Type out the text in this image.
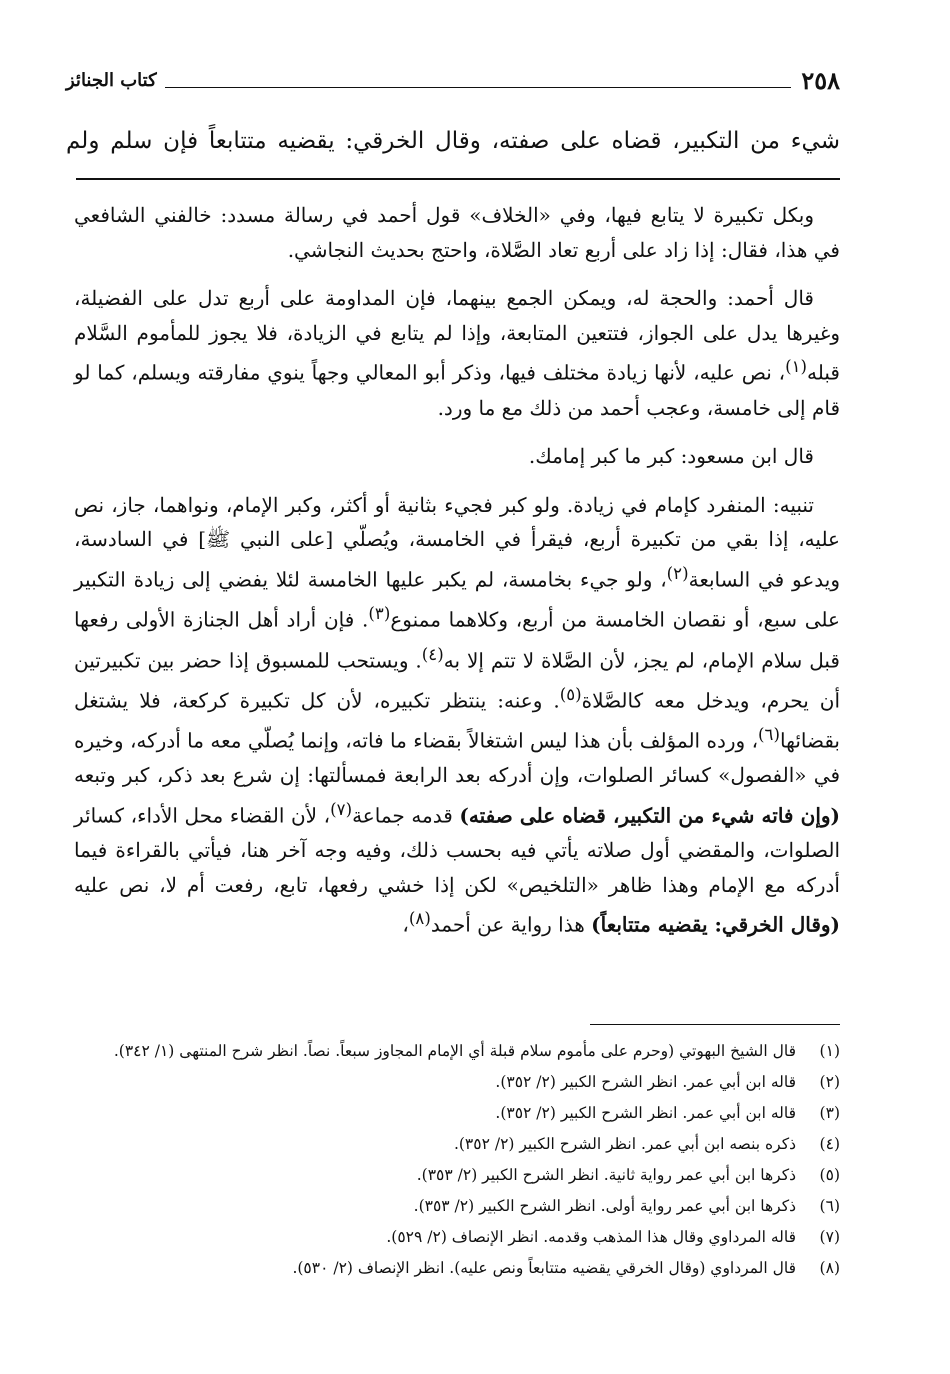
٢٥٨
كتاب الجنائز
شيء من التكبير، قضاه على صفته، وقال الخرقي: يقضيه متتابعاً فإن سلم ولم

وبكل تكبيرة لا يتابع فيها، وفي «الخلاف» قول أحمد في رسالة مسدد: خالفني الشافعي في هذا، فقال: إذا زاد على أربع تعاد الصَّلاة، واحتج بحديث النجاشي.

قال أحمد: والحجة له، ويمكن الجمع بينهما، فإن المداومة على أربع تدل على الفضيلة، وغيرها يدل على الجواز، فتتعين المتابعة، وإذا لم يتابع في الزيادة، فلا يجوز للمأموم السَّلام قبله$^{(١)}$، نص عليه، لأنها زيادة مختلف فيها، وذكر أبو المعالي وجهاً ينوي مفارقته ويسلم، كما لو قام إلى خامسة، وعجب أحمد من ذلك مع ما ورد.

قال ابن مسعود: كبر ما كبر إمامك.

تنبيه: المنفرد كإمام في زيادة. ولو كبر فجيء بثانية أو أكثر، وكبر الإمام، ونواهما، جاز، نص عليه، إذا بقي من تكبيرة أربع، فيقرأ في الخامسة، ويُصلّي [على النبي ﷺ] في السادسة، ويدعو في السابعة$^{(٢)}$، ولو جيء بخامسة، لم يكبر عليها الخامسة لئلا يفضي إلى زيادة التكبير على سبع، أو نقصان الخامسة من أربع، وكلاهما ممنوع$^{(٣)}$. فإن أراد أهل الجنازة الأولى رفعها قبل سلام الإمام، لم يجز، لأن الصَّلاة لا تتم إلا به$^{(٤)}$. ويستحب للمسبوق إذا حضر بين تكبيرتين أن يحرم، ويدخل معه كالصَّلاة$^{(٥)}$. وعنه: ينتظر تكبيره، لأن كل تكبيرة كركعة، فلا يشتغل بقضائها$^{(٦)}$، ورده المؤلف بأن هذا ليس اشتغالاً بقضاء ما فاته، وإنما يُصلّي معه ما أدركه، وخيره في «الفصول» كسائر الصلوات، وإن أدركه بعد الرابعة فمسألتها: إن شرع بعد ذكر، كبر وتبعه (وإن فاته شيء من التكبير، قضاه على صفته) قدمه جماعة$^{(٧)}$، لأن القضاء محل الأداء، كسائر الصلوات، والمقضي أول صلاته يأتي فيه بحسب ذلك، وفيه وجه آخر هنا، فيأتي بالقراءة فيما أدركه مع الإمام وهذا ظاهر «التلخيص» لكن إذا خشي رفعها، تابع، رفعت أم لا، نص عليه (وقال الخرقي: يقضيه متتابعاً) هذا رواية عن أحمد$^{(٨)}$،

(١)
قال الشيخ البهوتي (وحرم على مأموم سلام قبلة أي الإمام المجاوز سبعاً. نصاً. انظر شرح المنتهى (١/ ٣٤٢).
(٢)
قاله ابن أبي عمر. انظر الشرح الكبير (٢/ ٣٥٢).
(٣)
قاله ابن أبي عمر. انظر الشرح الكبير (٢/ ٣٥٢).
(٤)
ذكره بنصه ابن أبي عمر. انظر الشرح الكبير (٢/ ٣٥٢).
(٥)
ذكرها ابن أبي عمر رواية ثانية. انظر الشرح الكبير (٢/ ٣٥٣).
(٦)
ذكرها ابن أبي عمر رواية أولى. انظر الشرح الكبير (٢/ ٣٥٣).
(٧)
قاله المرداوي وقال هذا المذهب وقدمه. انظر الإنصاف (٢/ ٥٢٩).
(٨)
قال المرداوي (وقال الخرقي يقضيه متتابعاً ونص عليه). انظر الإنصاف (٢/ ٥٣٠).
